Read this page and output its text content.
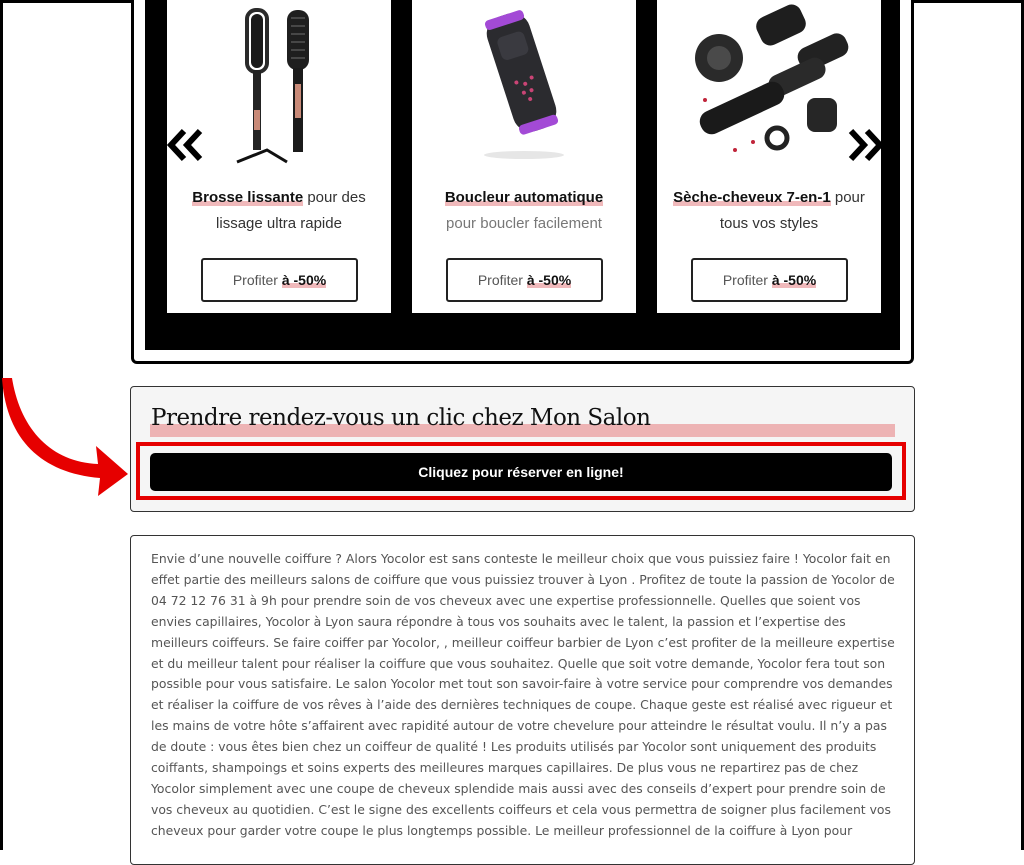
Brosse lissante pour des lissage ultra rapide
Profiter à -50%
Boucleur automatique
pour boucler facilement
Profiter à -50%
Sèche-cheveux 7-en-1 pour tous vos styles
Profiter à -50%
Prendre rendez-vous un clic chez Mon Salon
Cliquez pour réserver en ligne!

Envie d’une nouvelle coiffure ? Alors Yocolor est sans conteste le meilleur choix que vous puissiez faire ! Yocolor fait en effet partie des meilleurs salons de coiffure que vous puissiez trouver à Lyon . Profitez de toute la passion de Yocolor de 04 72 12 76 31 à 9h pour prendre soin de vos cheveux avec une expertise professionnelle. Quelles que soient vos envies capillaires, Yocolor à Lyon saura répondre à tous vos souhaits avec le talent, la passion et l’expertise des meilleurs coiffeurs. Se faire coiffer par Yocolor, , meilleur coiffeur barbier de Lyon c’est profiter de la meilleure expertise et du meilleur talent pour réaliser la coiffure que vous souhaitez. Quelle que soit votre demande, Yocolor fera tout son possible pour vous satisfaire. Le salon Yocolor met tout son savoir-faire à votre service pour comprendre vos demandes et réaliser la coiffure de vos rêves à l’aide des dernières techniques de coupe. Chaque geste est réalisé avec rigueur et les mains de votre hôte s’affairent avec rapidité autour de votre chevelure pour atteindre le résultat voulu. Il n’y a pas de doute : vous êtes bien chez un coiffeur de qualité ! Les produits utilisés par Yocolor sont uniquement des produits coiffants, shampoings et soins experts des meilleures marques capillaires. De plus vous ne repartirez pas de chez Yocolor simplement avec une coupe de cheveux splendide mais aussi avec des conseils d’expert pour prendre soin de vos cheveux au quotidien. C’est le signe des excellents coiffeurs et cela vous permettra de soigner plus facilement vos cheveux pour garder votre coupe le plus longtemps possible. Le meilleur professionnel de la coiffure à Lyon pour
